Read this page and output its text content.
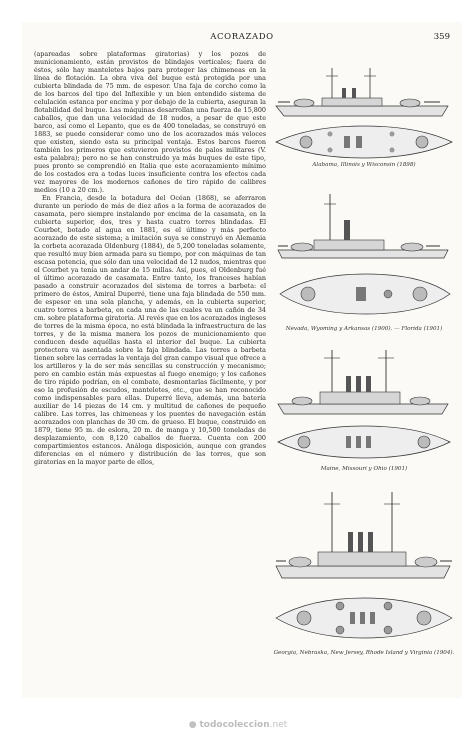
ACORAZADO	359

(apareadas sobre plataformas giratorias) y los pozos de municionamiento, están provistos de blindajes verticales; fuera de éstos, sólo hay manteletes bajos para proteger las chimeneas en la línea de flotación. La obra viva del buque está protegida por una cubierta blindada de 75 mm. de espesor. Una faja de corcho como la de los barcos del tipo del Inflexible y un bien entendido sistema de celulación estanca por encima y por debajo de la cubierta, aseguran la flotabilidad del buque. Las máquinas desarrollan una fuerza de 15,800 caballos, que dan una velocidad de 18 nudos, a pesar de que este barco, así como el Lepanto, que es de 400 toneladas, se construyó en 1883, se puede considerar como uno de los acorazados más veloces que existen, siendo esta su principal ventaja. Estos barcos fueron también los primeros que estuvieron provistos de palos militares (V. esta palabra); pero no se han construido ya más buques de este tipo, pues pronto se comprendió en Italia que este acorazamiento mínimo de los costados era a todas luces insuficiente contra los efectos cada vez mayores de los modernos cañones de tiro rápido de calibres medios (10 a 20 cm.).

En Francia, desde la botadura del Océan (1868), se aferraron durante un período de más de diez años a la forma de acorazados de casamata, pero siempre instalando por encima de la casamata, en la cubierta superior, dos, tres y hasta cuatro torres blindadas. El Courbet, botado al agua en 1881, es el último y más perfecto acorazado de este sistema; a imitación suya se construyó en Alemania la corbeta acorazada Oldenburg (1884), de 5,200 toneladas solamente, que resultó muy bien armada para su tiempo, por con máquinas de tan escasa potencia, que sólo dan una velocidad de 12 nudos, mientras que el Courbet ya tenía un andar de 15 millas. Así, pues, el Oldenburg fué el último acorazado de casamata. Entre tanto, los franceses habían pasado a construir acorazados del sistema de torres a barbeta: el primero de éstos, Amiral Duperré, tiene una faja blindada de 550 mm. de espesor en una sola plancha, y además, en la cubierta superior, cuatro torres a barbeta, en cada una de las cuales va un cañón de 34 cm. sobre plataforma giratoria. Al revés que en los acorazados ingleses de torres de la misma época, no está blindada la infraestructura de las torres, y de la misma manera los pozos de municionamiento que conducen desde aquéllas hasta el interior del buque. La cubierta protectora va asentada sobre la faja blindada. Las torres a barbeta tienen sobre las cerradas la ventaja del gran campo visual que ofrece a los artilleros y la de ser más sencillas su construcción y mecanismo; pero en cambio están más expuestas al fuego enemigo; y los cañones de tiro rápido podrían, en el combate, desmontarlas fácilmente, y por eso la profusión de escudos, manteletes, etc., que se han reconocido como indispensables para ellas. Duperré lleva, además, una batería auxiliar de 14 piezas de 14 cm. y multitud de cañones de pequeño calibre. Las torres, las chimeneas y los puentes de navegación están acorazados con planchas de 30 cm. de grueso. El buque, construido en 1879, tiene 95 m. de eslora, 20 m. de manga y 10,500 toneladas de desplazamiento, con 8,120 caballos de fuerza. Cuenta con 200 compartimientos estancos. Análoga disposición, aunque con grandes diferencias en el número y distribución de las torres, que son giratorias en la mayor parte de ellos,

Alabama, Illinois y Wisconsin (1898)
Nevada, Wyoming y Arkansas (1900). — Florida (1901)
Maine, Missouri y Ohio (1901)
Georgia, Nebraska, New Jersey, Rhode Island y Virginia (1904).
● todocoleccion.net
